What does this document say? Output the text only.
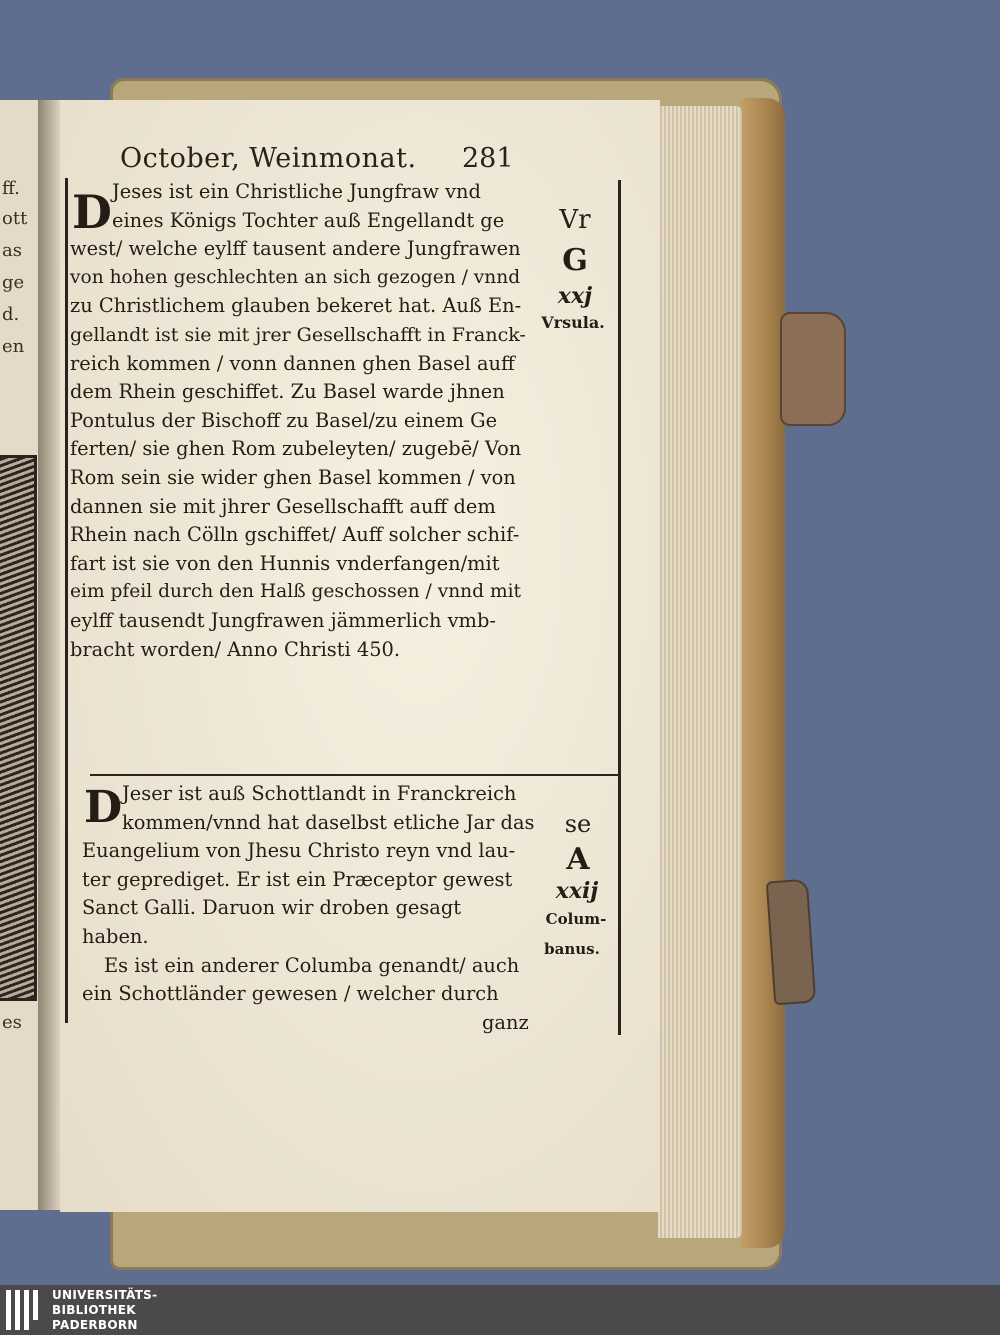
ff.
ott
as
ge
d.
en
es
October, Weinmonat. 281
D Jeses ist ein Christliche Jungfraw vnd
eines Königs Tochter auß Engellandt ge
west/ welche eylff tausent andere Jungfrawen
von hohen geschlechten an sich gezogen / vnnd
zu Christlichem glauben bekeret hat. Auß En-
gellandt ist sie mit jrer Gesellschafft in Franck-
reich kommen / vonn dannen ghen Basel auff
dem Rhein geschiffet. Zu Basel warde jhnen
Pontulus der Bischoff zu Basel/zu einem Ge
ferten/ sie ghen Rom zubeleyten/ zugebē/ Von
Rom sein sie wider ghen Basel kommen / von
dannen sie mit jhrer Gesellschafft auff dem
Rhein nach Cölln gschiffet/ Auff solcher schif-
fart ist sie von den Hunnis vnderfangen/mit
eim pfeil durch den Halß geschossen / vnnd mit
eylff tausendt Jungfrawen jämmerlich vmb-
bracht worden/ Anno Christi 450.
Vr
G
xxj
Vrsula.
D Jeser ist auß Schottlandt in Franckreich
kommen/vnnd hat daselbst etliche Jar das
Euangelium von Jhesu Christo reyn vnd lau-
ter geprediget. Er ist ein Præceptor gewest
Sanct Galli. Daruon wir droben gesagt
haben.
Es ist ein anderer Columba genandt/ auch
ein Schottländer gewesen / welcher durch
ganz
se
A
xxij
Colum-
banus.
UNIVERSITÄTS-
BIBLIOTHEK
PADERBORN
